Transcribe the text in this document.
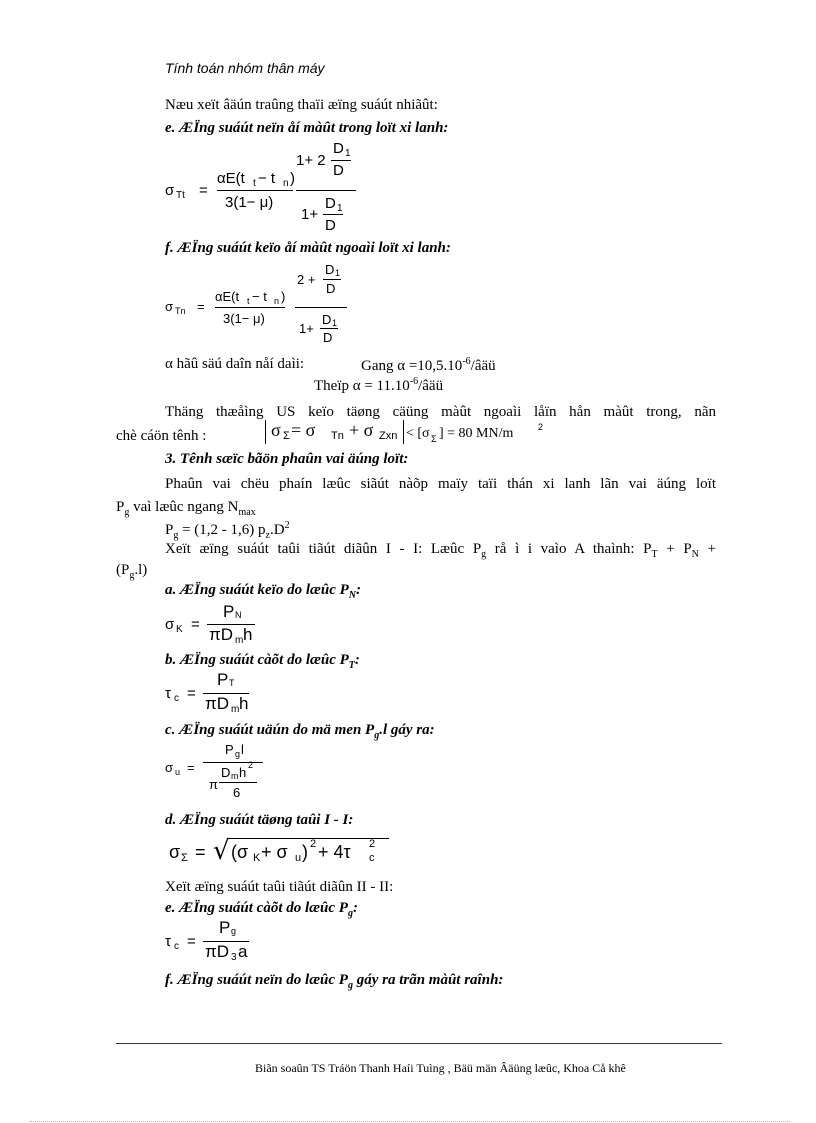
Tính toán nhóm thân máy
Næu xeït âäún traûng thaïi æïng suáút nhiãût:
e. ÆÏng suáút neïn åí màût trong loït xi lanh:
σ Tt =
αE(t t − t n )
3(1− μ)
1+ 2
D 1
D
1+
D 1
D
f. ÆÏng suáút keïo åí màût ngoaìi loït xi lanh:
σ Tn =
αE(t t − t n )
3(1− μ)
2 +
D 1
D
1+
D 1
D
α hãû säú daîn nåí daìi:	Gang $\alpha =10,5.10^{-6}$/âäü
Theïp $\alpha = 11.10^{-6}$/âäü
Thäng thæåìng US keïo täøng cäüng màût ngoaìi låïn hån màût trong, nãn
chè cáön tênh :	σ Σ = σ Tn + σ Zxn < [σ Σ ] = 80 MN/m	2
3. Tênh sæïc bãön phaûn vai äúng loït:
Phaûn vai chëu phaín læûc siãút nàõp maïy taïi thán xi lanh lãn vai äúng loït
$P_g$ vaì læûc ngang $N_{max}$
$P_g = (1,2 - 1,6)$ $p_z.D^2$
Xeït æïng suáút taûi tiãút diãûn I - I: Læûc $P_g$ rå ì i vaìo A thaình: $P_T + P_N$ +
$(P_g.l)$
a. ÆÏng suáút keïo do læûc $P_N$:
σ K =
P N
πD m h
b. ÆÏng suáút càõt do læûc $P_T$:
τ c =
P T
πD m h
c. ÆÏng suáút uäún do mä men $P_g.l$ gáy ra:
σ u =
P g l
π
D m h 2
6
d. ÆÏng suáút täøng taûi I - I:
σ Σ = √ (σ K + σ u ) 2 + 4τ 2
c
Xeït æïng suáút taûi tiãút diãûn II - II:
e. ÆÏng suáút càõt do læûc $P_g$:
τ c =
P g
πD 3 a
f. ÆÏng suáút neïn do læûc $P_g$ gáy ra trãn màût raînh:
Biãn soaûn TS Tráön Thanh Haíi Tuìng , Bäü män Âäüng læûc, Khoa Cå khê
